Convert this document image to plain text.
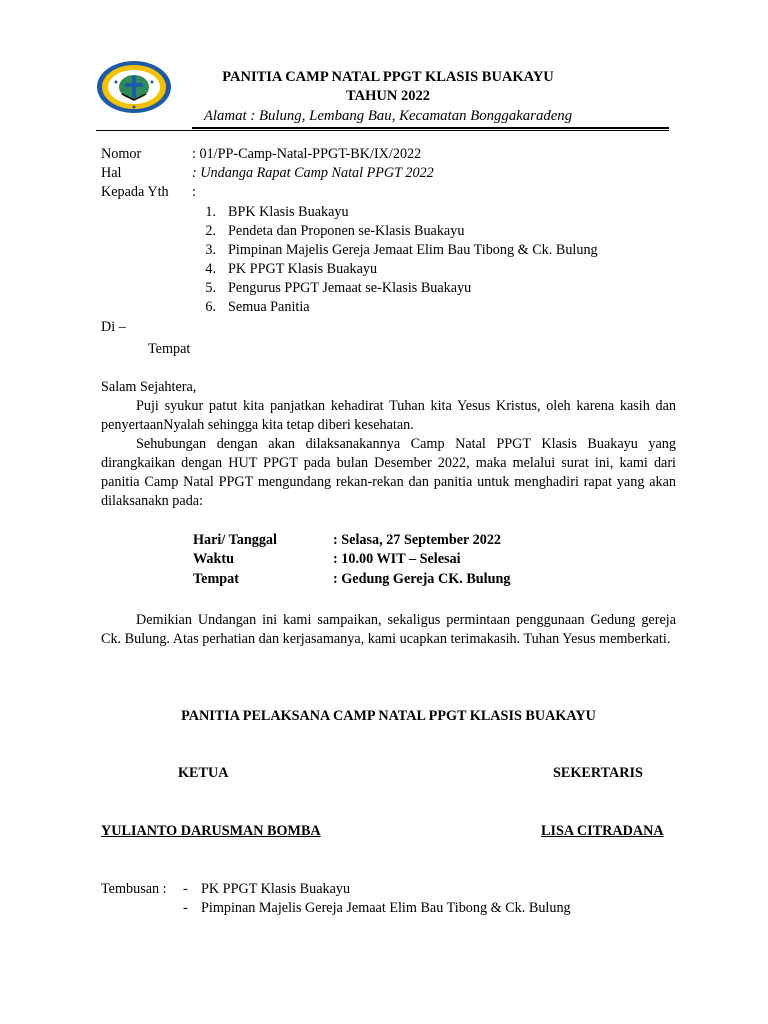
PANITIA CAMP NATAL PPGT KLASIS BUAKAYU
TAHUN 2022
Alamat : Bulung, Lembang Bau, Kecamatan Bonggakaradeng
Nomor	: 01/PP-Camp-Natal-PPGT-BK/IX/2022
Hal	: Undanga Rapat Camp Natal PPGT 2022
Kepada Yth :
1. BPK Klasis Buakayu
2. Pendeta dan Proponen se-Klasis Buakayu
3. Pimpinan Majelis Gereja Jemaat Elim Bau Tibong & Ck. Bulung
4. PK PPGT Klasis Buakayu
5. Pengurus PPGT Jemaat se-Klasis Buakayu
6. Semua Panitia
Di –
Tempat
Salam Sejahtera,
Puji syukur patut kita panjatkan kehadirat Tuhan kita Yesus Kristus, oleh karena kasih dan penyertaanNyalah sehingga kita tetap diberi kesehatan.
Sehubungan dengan akan dilaksanakannya Camp Natal PPGT Klasis Buakayu yang dirangkaikan dengan HUT PPGT pada bulan Desember 2022, maka melalui surat ini, kami dari panitia Camp Natal PPGT mengundang rekan-rekan dan panitia untuk menghadiri rapat yang akan dilaksanakn pada:
Hari/ Tanggal	: Selasa, 27 September 2022
Waktu	: 10.00 WIT – Selesai
Tempat	: Gedung Gereja CK. Bulung
Demikian Undangan ini kami sampaikan, sekaligus permintaan penggunaan Gedung gereja Ck. Bulung. Atas perhatian dan kerjasamanya, kami ucapkan terimakasih. Tuhan Yesus memberkati.
PANITIA PELAKSANA CAMP NATAL PPGT KLASIS BUAKAYU
KETUA	SEKERTARIS
YULIANTO DARUSMAN BOMBA	LISA CITRADANA
Tembusan : - PK PPGT Klasis Buakayu
- Pimpinan Majelis Gereja Jemaat Elim Bau Tibong & Ck. Bulung
